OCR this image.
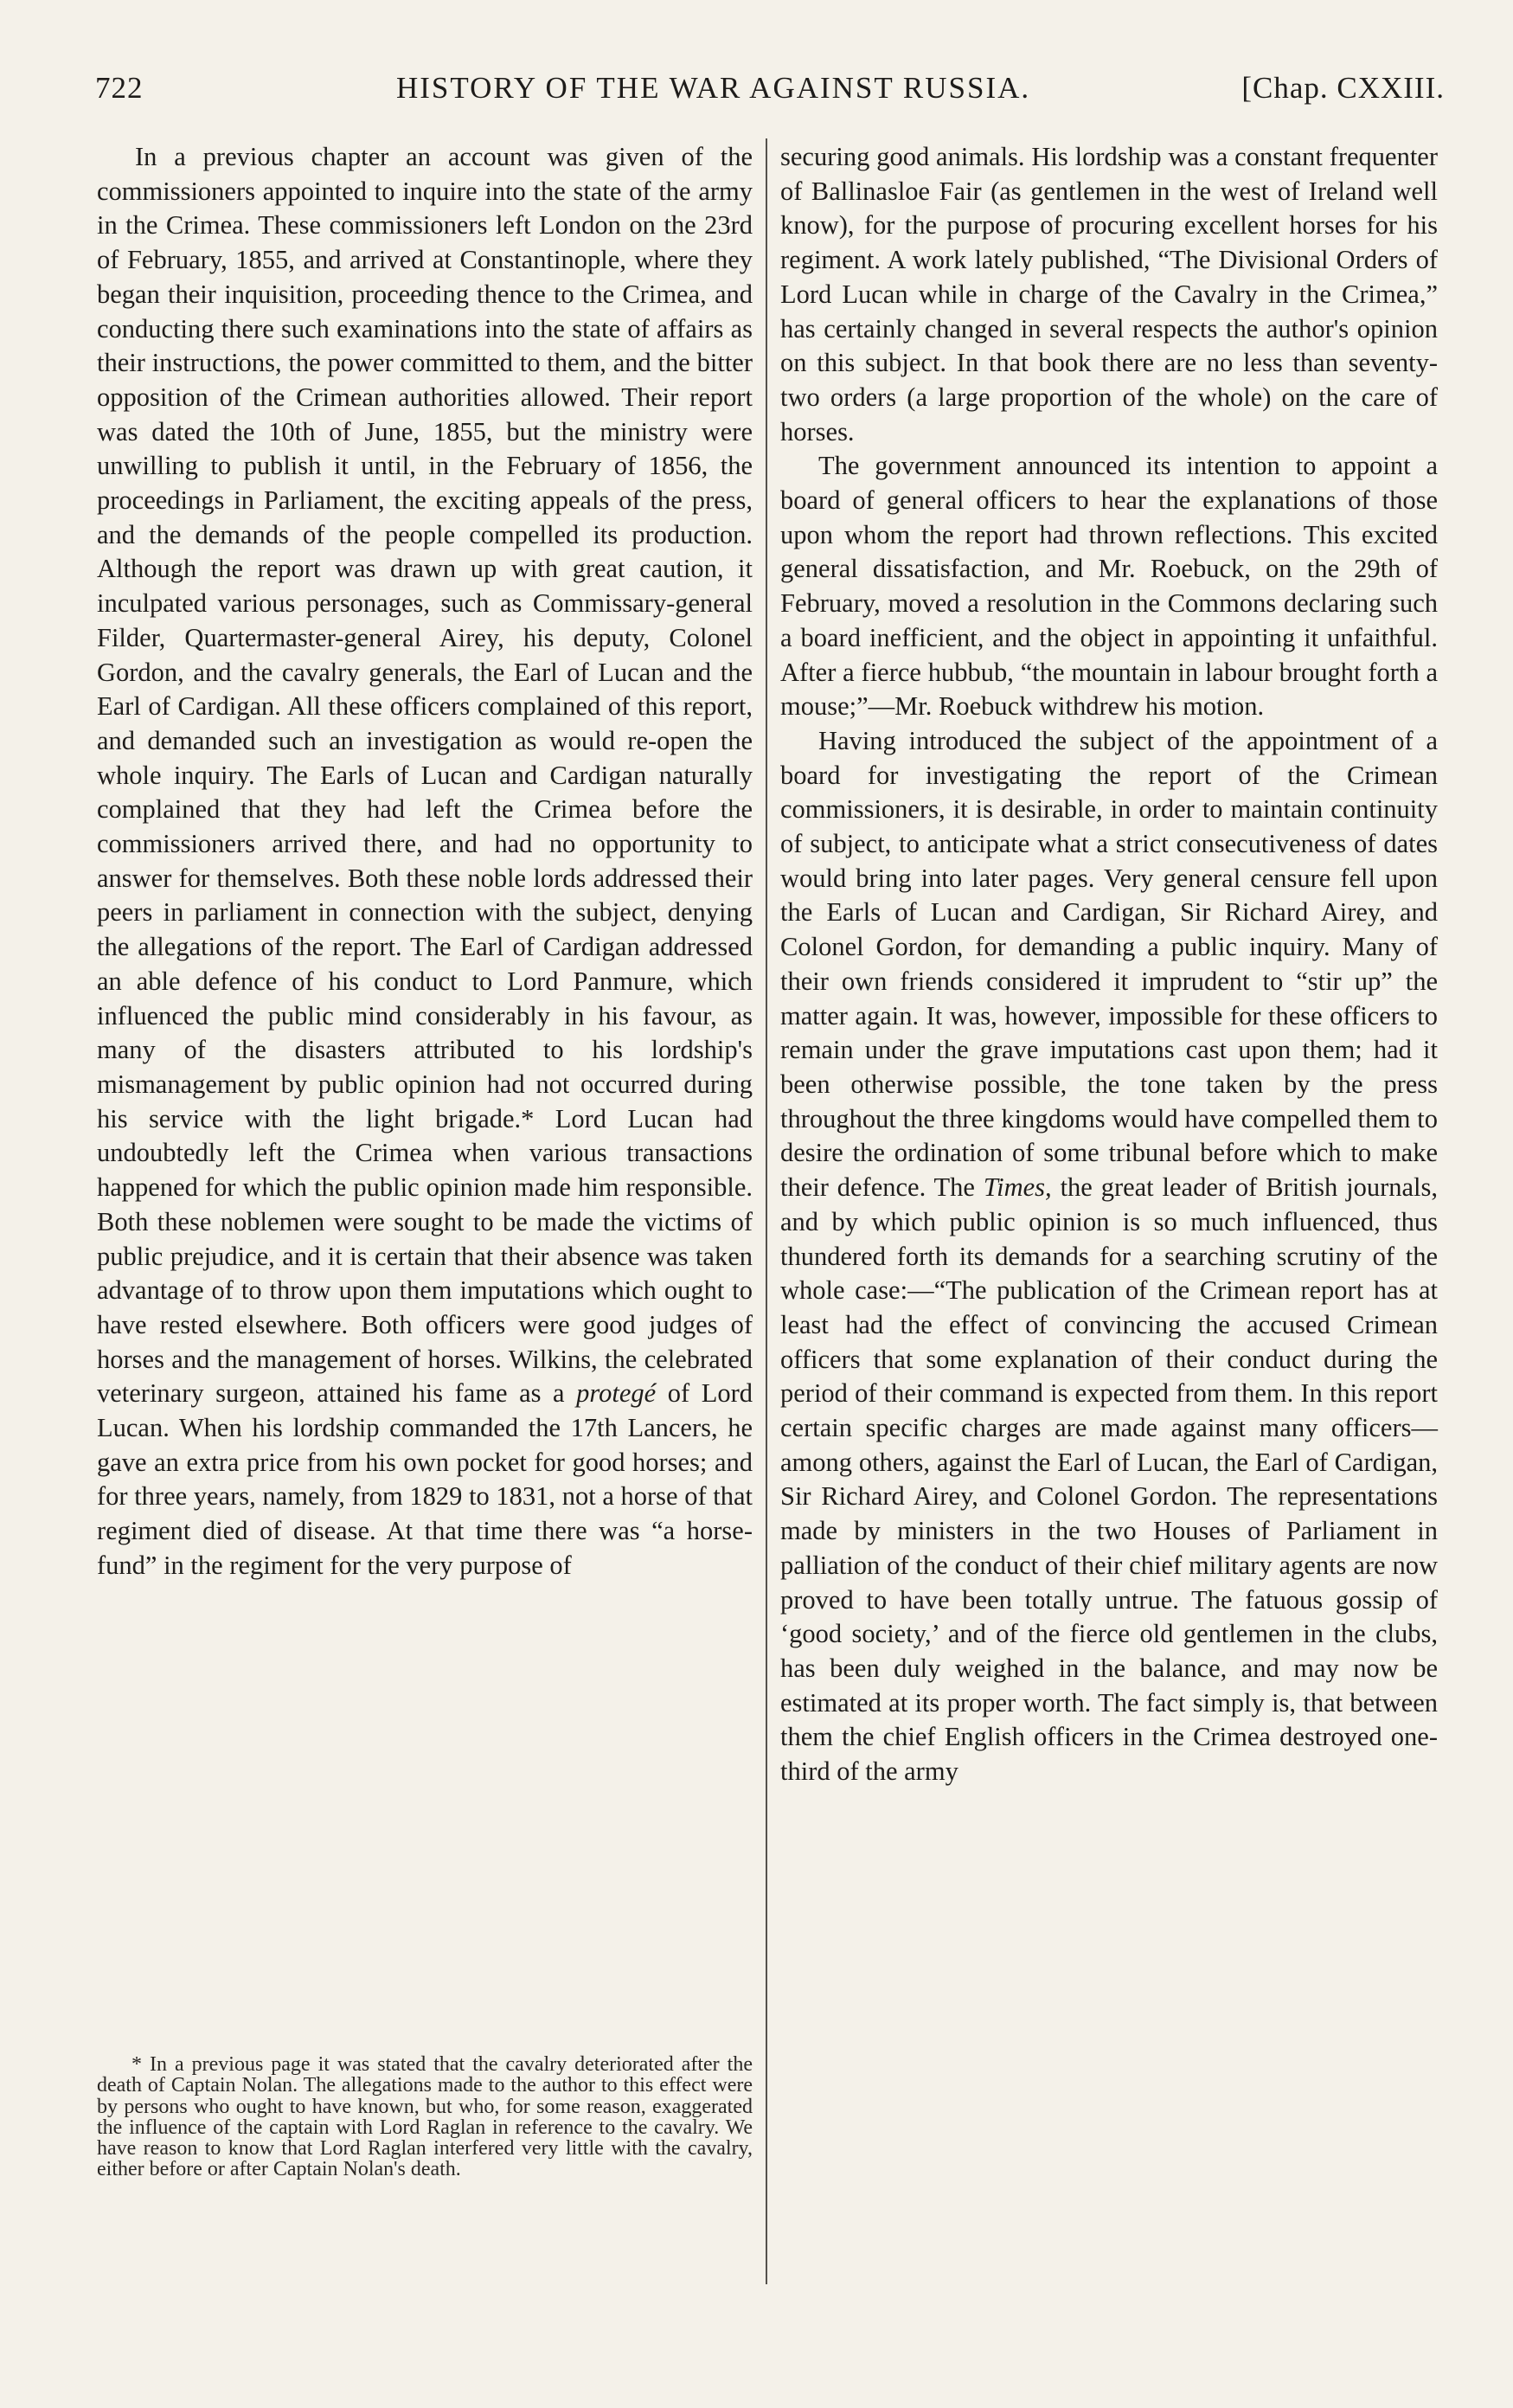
722	HISTORY OF THE WAR AGAINST RUSSIA.	[Chap. CXXIII.

In a previous chapter an account was given of the commissioners appointed to inquire into the state of the army in the Crimea. These commissioners left London on the 23rd of February, 1855, and arrived at Constantinople, where they began their inquisition, proceeding thence to the Crimea, and conducting there such examinations into the state of affairs as their instructions, the power committed to them, and the bitter opposition of the Crimean authorities allowed. Their report was dated the 10th of June, 1855, but the ministry were unwilling to publish it until, in the February of 1856, the proceedings in Parliament, the exciting appeals of the press, and the demands of the people compelled its production. Although the report was drawn up with great caution, it inculpated various personages, such as Commissary-general Filder, Quartermaster-general Airey, his deputy, Colonel Gordon, and the cavalry generals, the Earl of Lucan and the Earl of Cardigan. All these officers complained of this report, and demanded such an investigation as would re-open the whole inquiry. The Earls of Lucan and Cardigan naturally complained that they had left the Crimea before the commissioners arrived there, and had no opportunity to answer for themselves. Both these noble lords addressed their peers in parliament in connection with the subject, denying the allegations of the report. The Earl of Cardigan addressed an able defence of his conduct to Lord Panmure, which influenced the public mind considerably in his favour, as many of the disasters attributed to his lordship's mismanagement by public opinion had not occurred during his service with the light brigade.* Lord Lucan had undoubtedly left the Crimea when various transactions happened for which the public opinion made him responsible. Both these noblemen were sought to be made the victims of public prejudice, and it is certain that their absence was taken advantage of to throw upon them imputations which ought to have rested elsewhere. Both officers were good judges of horses and the management of horses. Wilkins, the celebrated veterinary surgeon, attained his fame as a protegé of Lord Lucan. When his lordship commanded the 17th Lancers, he gave an extra price from his own pocket for good horses; and for three years, namely, from 1829 to 1831, not a horse of that regiment died of disease. At that time there was “a horse-fund” in the regiment for the very purpose of

* In a previous page it was stated that the cavalry deteriorated after the death of Captain Nolan. The allegations made to the author to this effect were by persons who ought to have known, but who, for some reason, exaggerated the influence of the captain with Lord Raglan in reference to the cavalry. We have reason to know that Lord Raglan interfered very little with the cavalry, either before or after Captain Nolan's death.

securing good animals. His lordship was a constant frequenter of Ballinasloe Fair (as gentlemen in the west of Ireland well know), for the purpose of procuring excellent horses for his regiment. A work lately published, “The Divisional Orders of Lord Lucan while in charge of the Cavalry in the Crimea,” has certainly changed in several respects the author's opinion on this subject. In that book there are no less than seventy-two orders (a large proportion of the whole) on the care of horses.

The government announced its intention to appoint a board of general officers to hear the explanations of those upon whom the report had thrown reflections. This excited general dissatisfaction, and Mr. Roebuck, on the 29th of February, moved a resolution in the Commons declaring such a board inefficient, and the object in appointing it unfaithful. After a fierce hubbub, “the mountain in labour brought forth a mouse;”—Mr. Roebuck withdrew his motion.

Having introduced the subject of the appointment of a board for investigating the report of the Crimean commissioners, it is desirable, in order to maintain continuity of subject, to anticipate what a strict consecutiveness of dates would bring into later pages. Very general censure fell upon the Earls of Lucan and Cardigan, Sir Richard Airey, and Colonel Gordon, for demanding a public inquiry. Many of their own friends considered it imprudent to “stir up” the matter again. It was, however, impossible for these officers to remain under the grave imputations cast upon them; had it been otherwise possible, the tone taken by the press throughout the three kingdoms would have compelled them to desire the ordination of some tribunal before which to make their defence. The Times, the great leader of British journals, and by which public opinion is so much influenced, thus thundered forth its demands for a searching scrutiny of the whole case:—“The publication of the Crimean report has at least had the effect of convincing the accused Crimean officers that some explanation of their conduct during the period of their command is expected from them. In this report certain specific charges are made against many officers—among others, against the Earl of Lucan, the Earl of Cardigan, Sir Richard Airey, and Colonel Gordon. The representations made by ministers in the two Houses of Parliament in palliation of the conduct of their chief military agents are now proved to have been totally untrue. The fatuous gossip of ‘good society,’ and of the fierce old gentlemen in the clubs, has been duly weighed in the balance, and may now be estimated at its proper worth. The fact simply is, that between them the chief English officers in the Crimea destroyed one-third of the army
